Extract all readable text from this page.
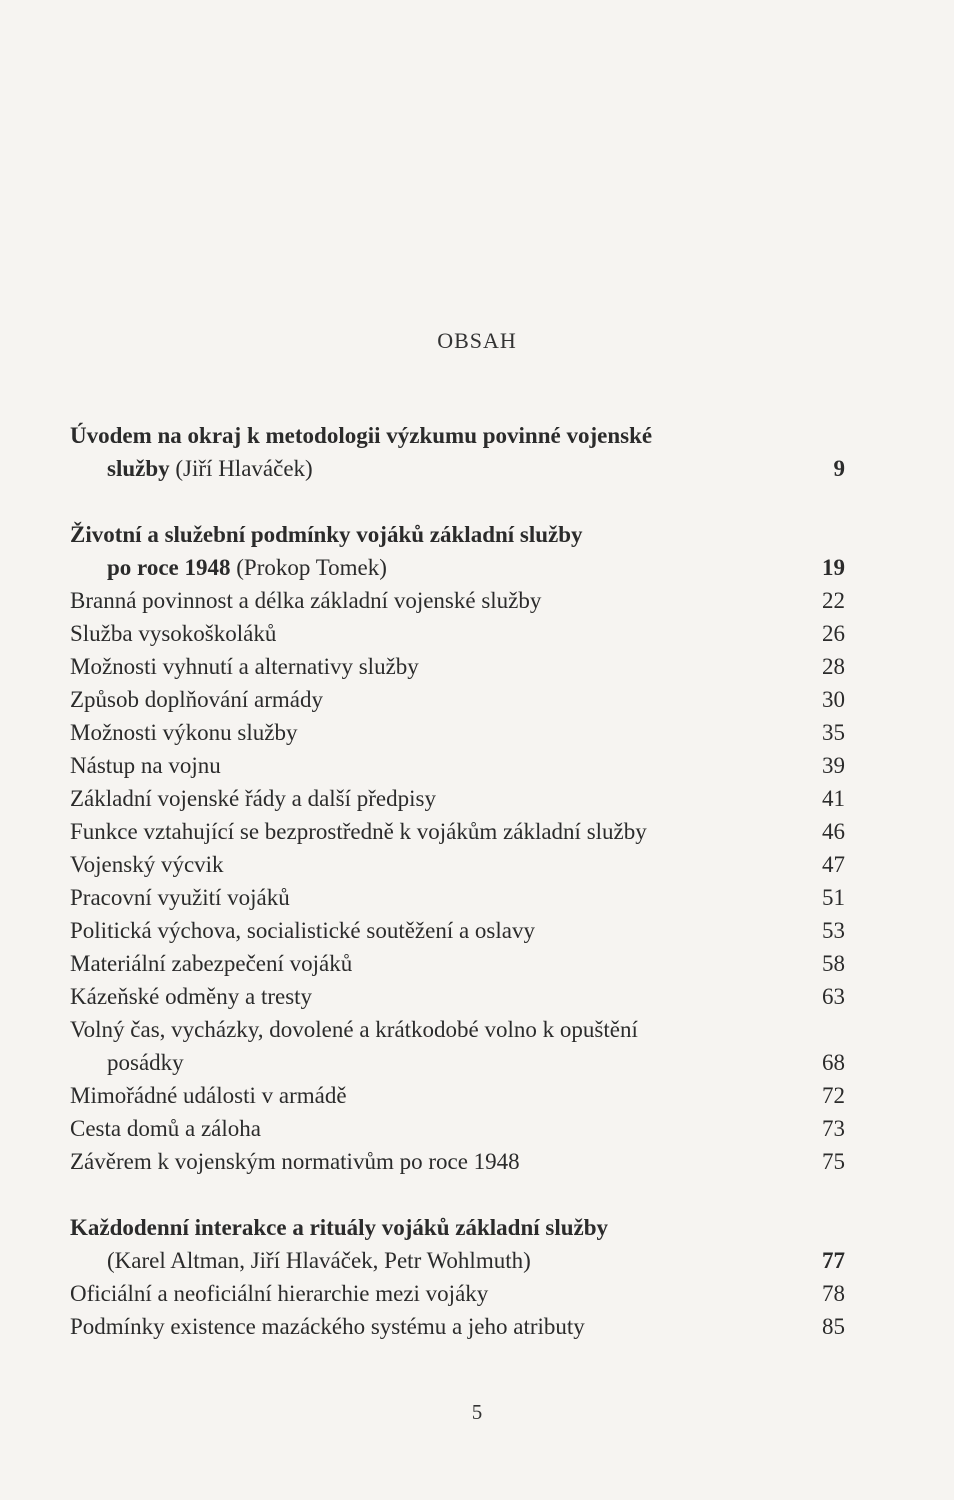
OBSAH
Úvodem na okraj k metodologii výzkumu povinné vojenské
služby (Jiří Hlaváček)	9
Životní a služební podmínky vojáků základní služby
po roce 1948 (Prokop Tomek)	19
Branná povinnost a délka základní vojenské služby	22
Služba vysokoškoláků	26
Možnosti vyhnutí a alternativy služby	28
Způsob doplňování armády	30
Možnosti výkonu služby	35
Nástup na vojnu	39
Základní vojenské řády a další předpisy	41
Funkce vztahující se bezprostředně k vojákům základní služby	46
Vojenský výcvik	47
Pracovní využití vojáků	51
Politická výchova, socialistické soutěžení a oslavy	53
Materiální zabezpečení vojáků	58
Kázeňské odměny a tresty	63
Volný čas, vycházky, dovolené a krátkodobé volno k opuštění
posádky	68
Mimořádné události v armádě	72
Cesta domů a záloha	73
Závěrem k vojenským normativům po roce 1948	75
Každodenní interakce a rituály vojáků základní služby
(Karel Altman, Jiří Hlaváček, Petr Wohlmuth)	77
Oficiální a neoficiální hierarchie mezi vojáky	78
Podmínky existence mazáckého systému a jeho atributy	85
5
